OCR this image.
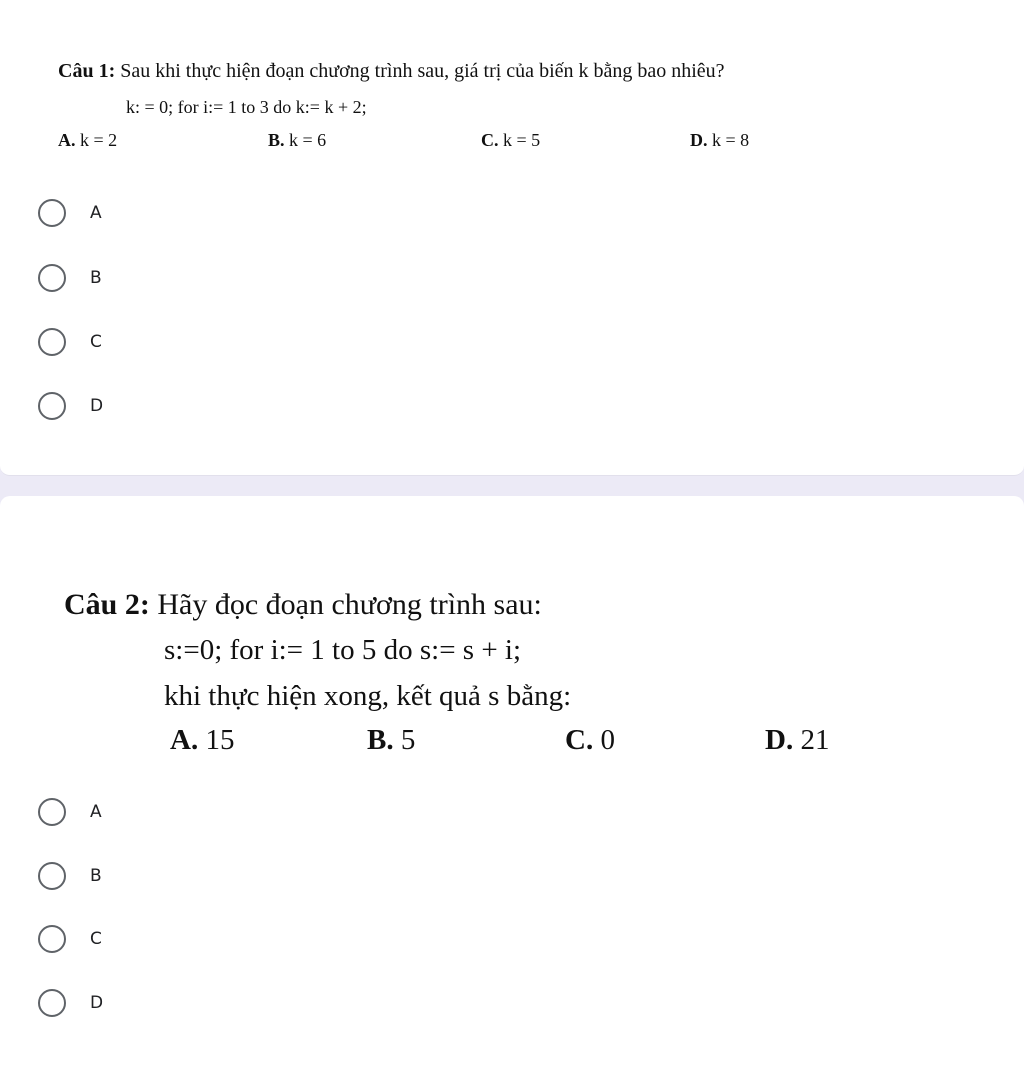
Câu 1: Sau khi thực hiện đoạn chương trình sau, giá trị của biến k bằng bao nhiêu?
k: = 0; for i:= 1 to 3 do k:= k + 2;
A. k = 2	B. k = 6	C. k = 5	D. k = 8
A
B
C
D
Câu 2: Hãy đọc đoạn chương trình sau:
s:=0; for i:= 1 to 5 do s:= s + i;
khi thực hiện xong, kết quả s bằng:
A. 15	B. 5	C. 0	D. 21
A
B
C
D
